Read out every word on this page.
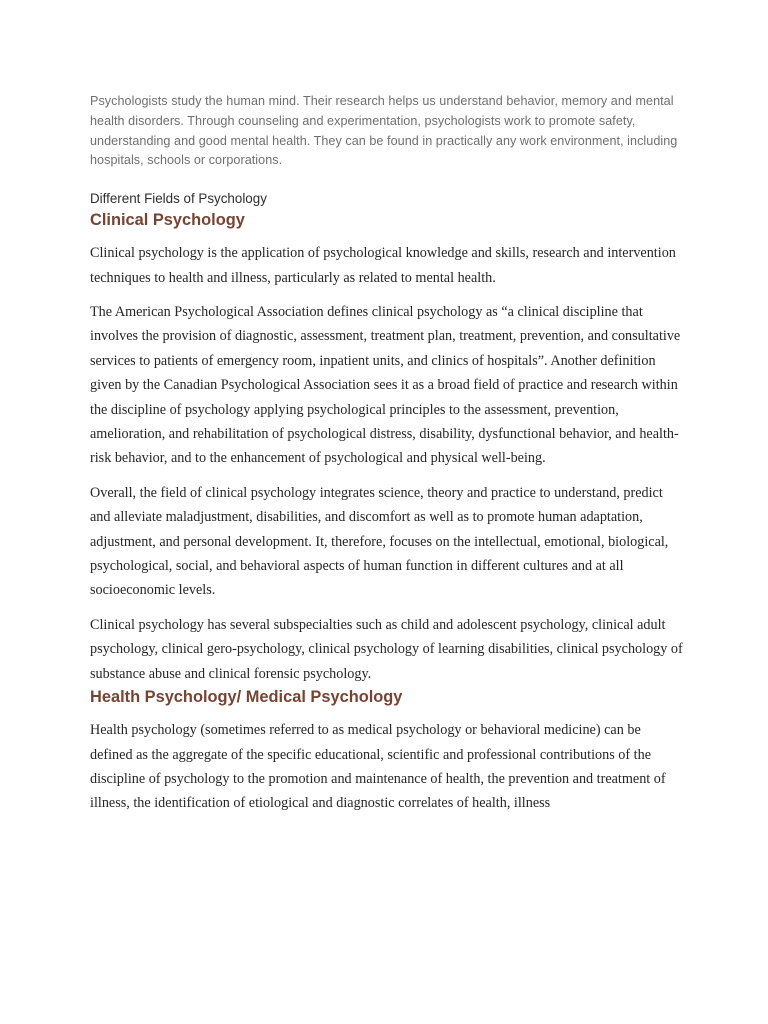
Psychologists study the human mind. Their research helps us understand behavior, memory and mental health disorders. Through counseling and experimentation, psychologists work to promote safety, understanding and good mental health. They can be found in practically any work environment, including hospitals, schools or corporations.

Different Fields of Psychology

Clinical Psychology

Clinical psychology is the application of psychological knowledge and skills, research and intervention techniques to health and illness, particularly as related to mental health.

The American Psychological Association defines clinical psychology as “a clinical discipline that involves the provision of diagnostic, assessment, treatment plan, treatment, prevention, and consultative services to patients of emergency room, inpatient units, and clinics of hospitals”. Another definition given by the Canadian Psychological Association sees it as a broad field of practice and research within the discipline of psychology applying psychological principles to the assessment, prevention, amelioration, and rehabilitation of psychological distress, disability, dysfunctional behavior, and health-risk behavior, and to the enhancement of psychological and physical well-being.

Overall, the field of clinical psychology integrates science, theory and practice to understand, predict and alleviate maladjustment, disabilities, and discomfort as well as to promote human adaptation, adjustment, and personal development. It, therefore, focuses on the intellectual, emotional, biological, psychological, social, and behavioral aspects of human function in different cultures and at all socioeconomic levels.

Clinical psychology has several subspecialties such as child and adolescent psychology, clinical adult psychology, clinical gero-psychology, clinical psychology of learning disabilities, clinical psychology of substance abuse and clinical forensic psychology.

Health Psychology/ Medical Psychology

Health psychology (sometimes referred to as medical psychology or behavioral medicine) can be defined as the aggregate of the specific educational, scientific and professional contributions of the discipline of psychology to the promotion and maintenance of health, the prevention and treatment of illness, the identification of etiological and diagnostic correlates of health, illness
